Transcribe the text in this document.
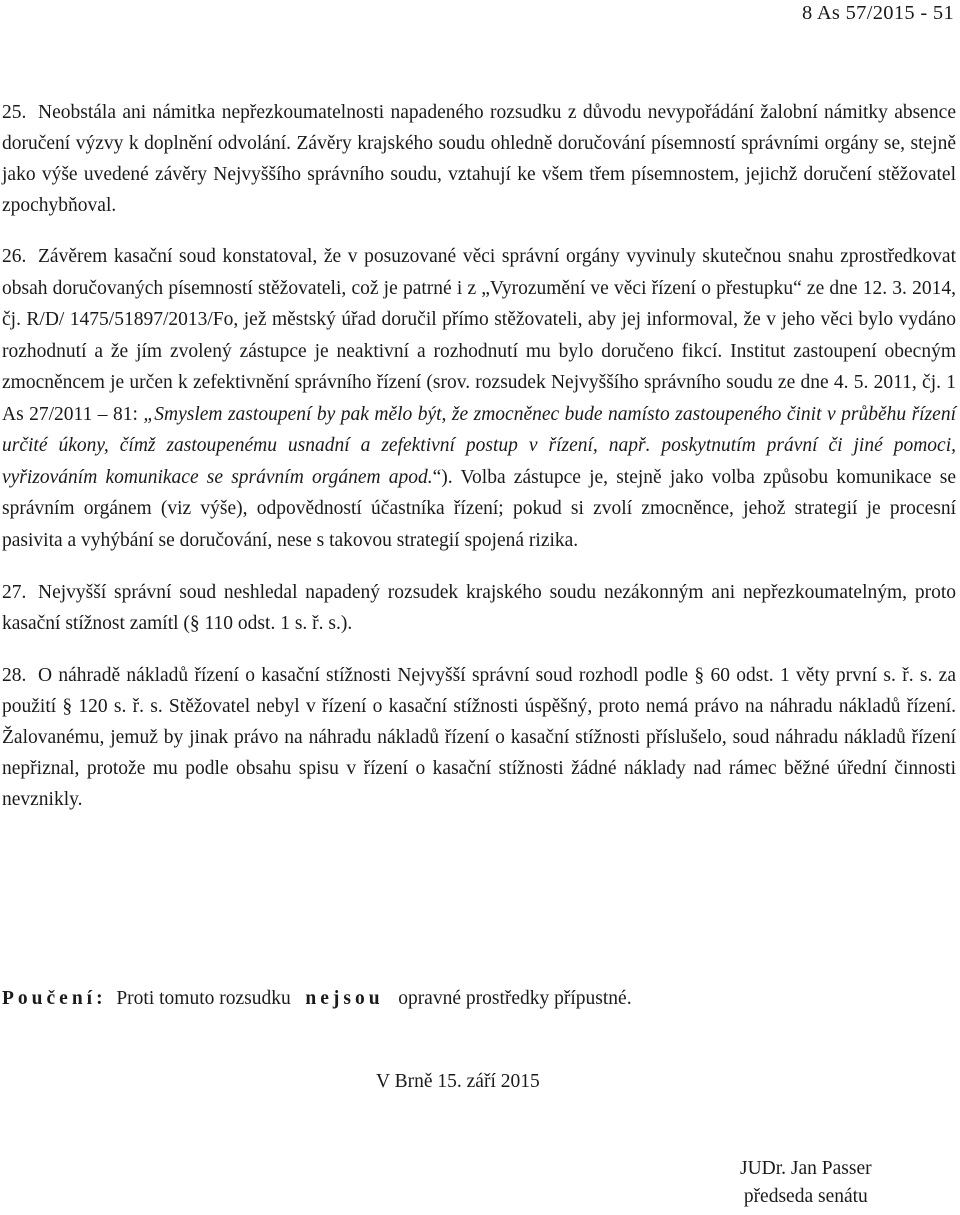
8 As 57/2015 - 51

25. Neobstála ani námitka nepřezkoumatelnosti napadeného rozsudku z důvodu nevypořádání žalobní námitky absence doručení výzvy k doplnění odvolání. Závěry krajského soudu ohledně doručování písemností správními orgány se, stejně jako výše uvedené závěry Nejvyššího správního soudu, vztahují ke všem třem písemnostem, jejichž doručení stěžovatel zpochybňoval.

26. Závěrem kasační soud konstatoval, že v posuzované věci správní orgány vyvinuly skutečnou snahu zprostředkovat obsah doručovaných písemností stěžovateli, což je patrné i z „Vyrozumění ve věci řízení o přestupku“ ze dne 12. 3. 2014, čj. R/D/ 1475/51897/2013/Fo, jež městský úřad doručil přímo stěžovateli, aby jej informoval, že v jeho věci bylo vydáno rozhodnutí a že jím zvolený zástupce je neaktivní a rozhodnutí mu bylo doručeno fikcí. Institut zastoupení obecným zmocněncem je určen k zefektivnění správního řízení (srov. rozsudek Nejvyššího správního soudu ze dne 4. 5. 2011, čj. 1 As 27/2011 – 81: „Smyslem zastoupení by pak mělo být, že zmocněnec bude namísto zastoupeného činit v průběhu řízení určité úkony, čímž zastoupenému usnadní a zefektivní postup v řízení, např. poskytnutím právní či jiné pomoci, vyřizováním komunikace se správním orgánem apod.“). Volba zástupce je, stejně jako volba způsobu komunikace se správním orgánem (viz výše), odpovědností účastníka řízení; pokud si zvolí zmocněnce, jehož strategií je procesní pasivita a vyhýbání se doručování, nese s takovou strategií spojená rizika.

27. Nejvyšší správní soud neshledal napadený rozsudek krajského soudu nezákonným ani nepřezkoumatelným, proto kasační stížnost zamítl (§ 110 odst. 1 s. ř. s.).

28. O náhradě nákladů řízení o kasační stížnosti Nejvyšší správní soud rozhodl podle § 60 odst. 1 věty první s. ř. s. za použití § 120 s. ř. s. Stěžovatel nebyl v řízení o kasační stížnosti úspěšný, proto nemá právo na náhradu nákladů řízení. Žalovanému, jemuž by jinak právo na náhradu nákladů řízení o kasační stížnosti příslušelo, soud náhradu nákladů řízení nepřiznal, protože mu podle obsahu spisu v řízení o kasační stížnosti žádné náklady nad rámec běžné úřední činnosti nevznikly.

Poučení: Proti tomuto rozsudku nejsou opravné prostředky přípustné.
V Brně 15. září 2015
JUDr. Jan Passer
předseda senátu
